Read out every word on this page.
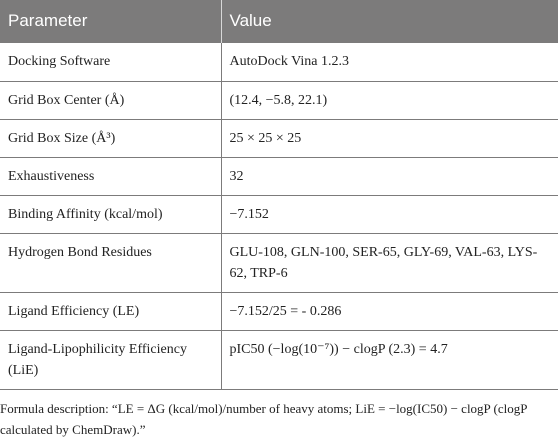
Parameter	Value
Docking Software	AutoDock Vina 1.2.3
Grid Box Center (Å)	(12.4, −5.8, 22.1)
Grid Box Size (Å³)	25 × 25 × 25
Exhaustiveness	32
Binding Affinity (kcal/mol)	−7.152
Hydrogen Bond Residues	GLU-108, GLN-100, SER-65, GLY-69, VAL-63, LYS-62, TRP-6
Ligand Efficiency (LE)	−7.152/25 = - 0.286
Ligand-Lipophilicity Efficiency (LiE)	pIC50 (−log(10⁻⁷)) − clogP (2.3) = 4.7
Formula description: “LE = ΔG (kcal/mol)/number of heavy atoms; LiE = −log(IC50) − clogP (clogP calculated by ChemDraw).”
